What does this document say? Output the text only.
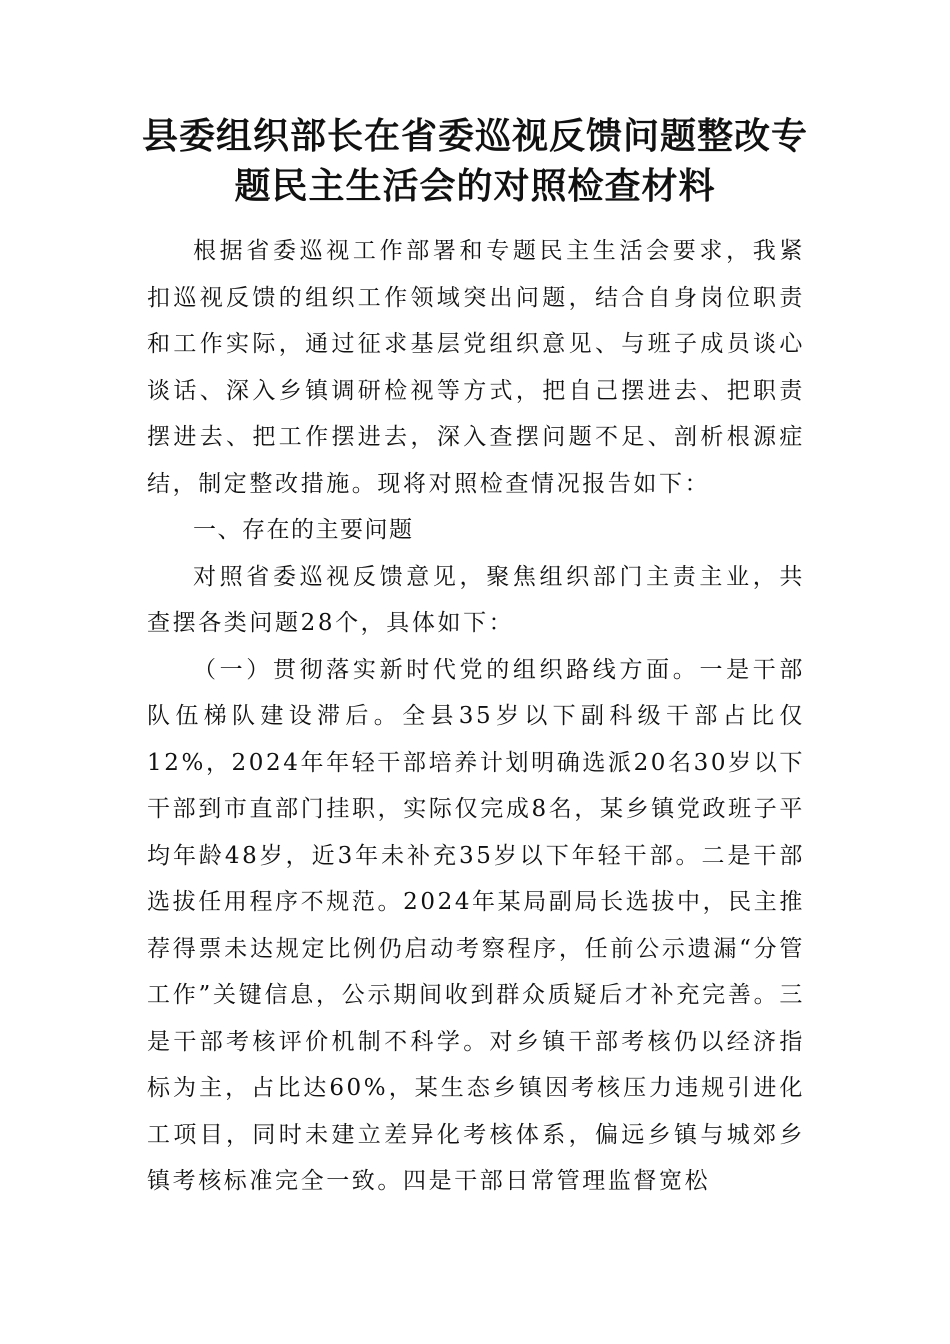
县委组织部长在省委巡视反馈问题整改专
题民主生活会的对照检查材料

根据省委巡视工作部署和专题民主生活会要求，我紧扣巡视反馈的组织工作领域突出问题，结合自身岗位职责和工作实际，通过征求基层党组织意见、与班子成员谈心谈话、深入乡镇调研检视等方式，把自己摆进去、把职责摆进去、把工作摆进去，深入查摆问题不足、剖析根源症结，制定整改措施。现将对照检查情况报告如下：

一、存在的主要问题

对照省委巡视反馈意见，聚焦组织部门主责主业，共查摆各类问题28个，具体如下：

（一）贯彻落实新时代党的组织路线方面。一是干部队伍梯队建设滞后。全县35岁以下副科级干部占比仅12%，2024年年轻干部培养计划明确选派20名30岁以下干部到市直部门挂职，实际仅完成8名，某乡镇党政班子平均年龄48岁，近3年未补充35岁以下年轻干部。二是干部选拔任用程序不规范。2024年某局副局长选拔中，民主推荐得票未达规定比例仍启动考察程序，任前公示遗漏“分管工作”关键信息，公示期间收到群众质疑后才补充完善。三是干部考核评价机制不科学。对乡镇干部考核仍以经济指标为主，占比达60%，某生态乡镇因考核压力违规引进化工项目，同时未建立差异化考核体系，偏远乡镇与城郊乡镇考核标准完全一致。四是干部日常管理监督宽松
